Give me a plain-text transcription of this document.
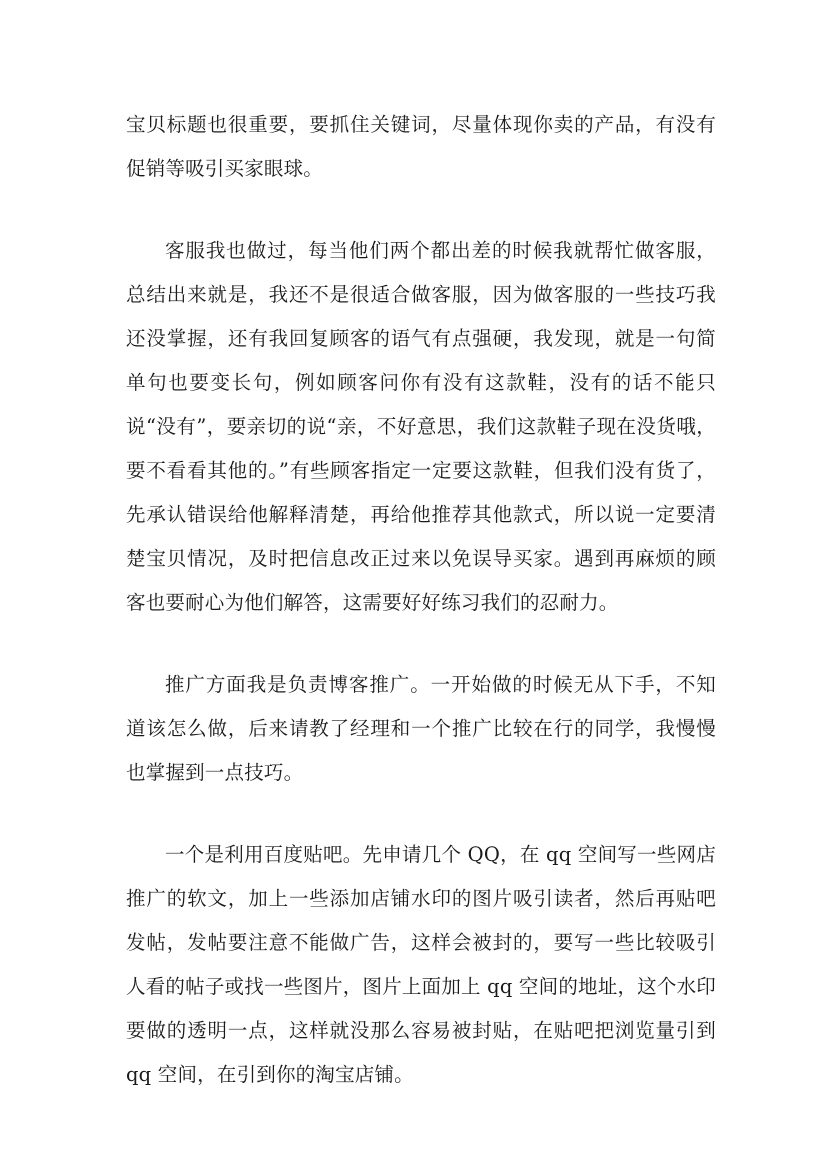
宝贝标题也很重要，要抓住关键词，尽量体现你卖的产品，有没有促销等吸引买家眼球。

客服我也做过，每当他们两个都出差的时候我就帮忙做客服，总结出来就是，我还不是很适合做客服，因为做客服的一些技巧我还没掌握，还有我回复顾客的语气有点强硬，我发现，就是一句简单句也要变长句，例如顾客问你有没有这款鞋，没有的话不能只说“没有”，要亲切的说“亲，不好意思，我们这款鞋子现在没货哦，要不看看其他的。”有些顾客指定一定要这款鞋，但我们没有货了，先承认错误给他解释清楚，再给他推荐其他款式，所以说一定要清楚宝贝情况，及时把信息改正过来以免误导买家。遇到再麻烦的顾客也要耐心为他们解答，这需要好好练习我们的忍耐力。

推广方面我是负责博客推广。一开始做的时候无从下手，不知道该怎么做，后来请教了经理和一个推广比较在行的同学，我慢慢也掌握到一点技巧。

一个是利用百度贴吧。先申请几个 QQ，在 qq 空间写一些网店推广的软文，加上一些添加店铺水印的图片吸引读者，然后再贴吧发帖，发帖要注意不能做广告，这样会被封的，要写一些比较吸引人看的帖子或找一些图片，图片上面加上 qq 空间的地址，这个水印要做的透明一点，这样就没那么容易被封贴，在贴吧把浏览量引到 qq 空间，在引到你的淘宝店铺。
